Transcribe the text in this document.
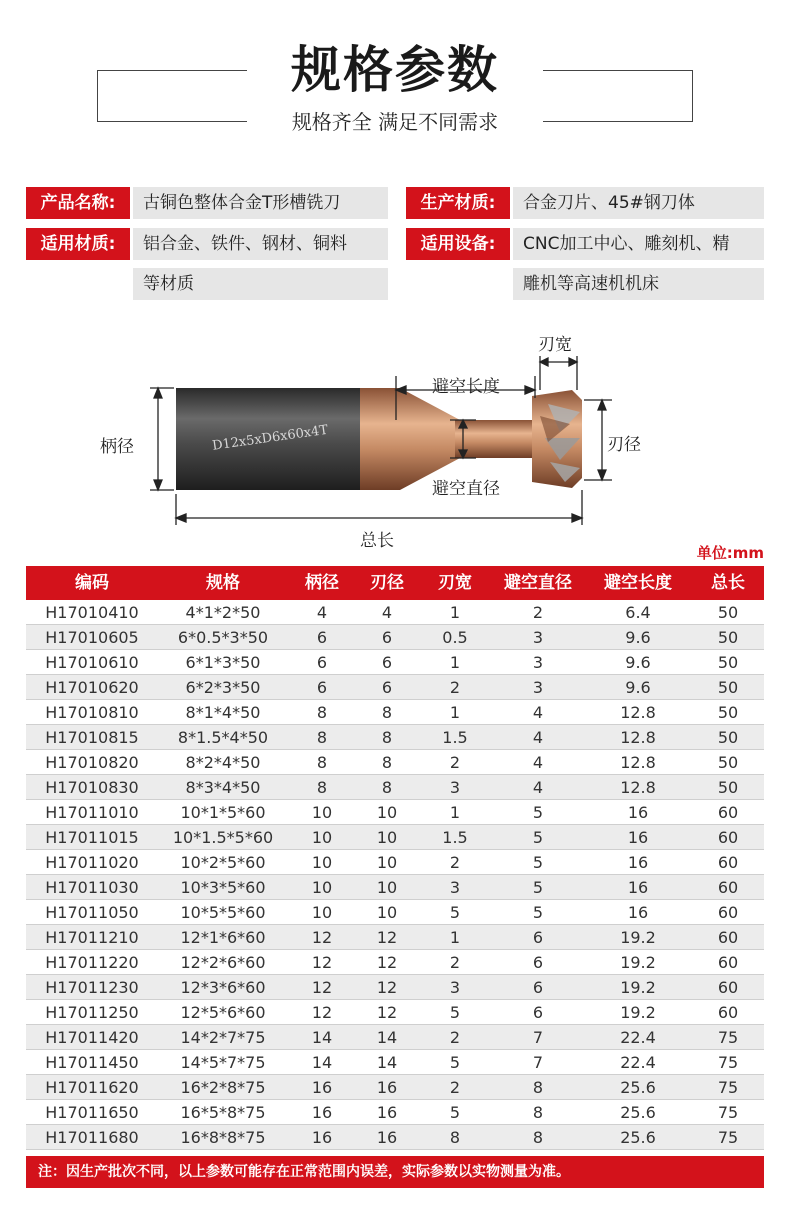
规格参数
规格齐全 满足不同需求
产品名称:	古铜色整体合金T形槽铣刀	生产材质:	合金刀片、45#钢刀体
适用材质:	铝合金、铁件、钢材、铜料
等材质
适用设备:	CNC加工中心、雕刻机、精
雕机等高速机机床
D12x5xD6x60x4T
刃宽
避空长度
柄径	刃径
避空直径
总长
单位:mm
编码	规格	柄径	刃径	刃宽	避空直径	避空长度	总长
H17010410	4*1*2*50	4	4	1	2	6.4	50
H17010605	6*0.5*3*50	6	6	0.5	3	9.6	50
H17010610	6*1*3*50	6	6	1	3	9.6	50
H17010620	6*2*3*50	6	6	2	3	9.6	50
H17010810	8*1*4*50	8	8	1	4	12.8	50
H17010815	8*1.5*4*50	8	8	1.5	4	12.8	50
H17010820	8*2*4*50	8	8	2	4	12.8	50
H17010830	8*3*4*50	8	8	3	4	12.8	50
H17011010	10*1*5*60	10	10	1	5	16	60
H17011015	10*1.5*5*60	10	10	1.5	5	16	60
H17011020	10*2*5*60	10	10	2	5	16	60
H17011030	10*3*5*60	10	10	3	5	16	60
H17011050	10*5*5*60	10	10	5	5	16	60
H17011210	12*1*6*60	12	12	1	6	19.2	60
H17011220	12*2*6*60	12	12	2	6	19.2	60
H17011230	12*3*6*60	12	12	3	6	19.2	60
H17011250	12*5*6*60	12	12	5	6	19.2	60
H17011420	14*2*7*75	14	14	2	7	22.4	75
H17011450	14*5*7*75	14	14	5	7	22.4	75
H17011620	16*2*8*75	16	16	2	8	25.6	75
H17011650	16*5*8*75	16	16	5	8	25.6	75
H17011680	16*8*8*75	16	16	8	8	25.6	75
注：因生产批次不同，以上参数可能存在正常范围内误差，实际参数以实物测量为准。
